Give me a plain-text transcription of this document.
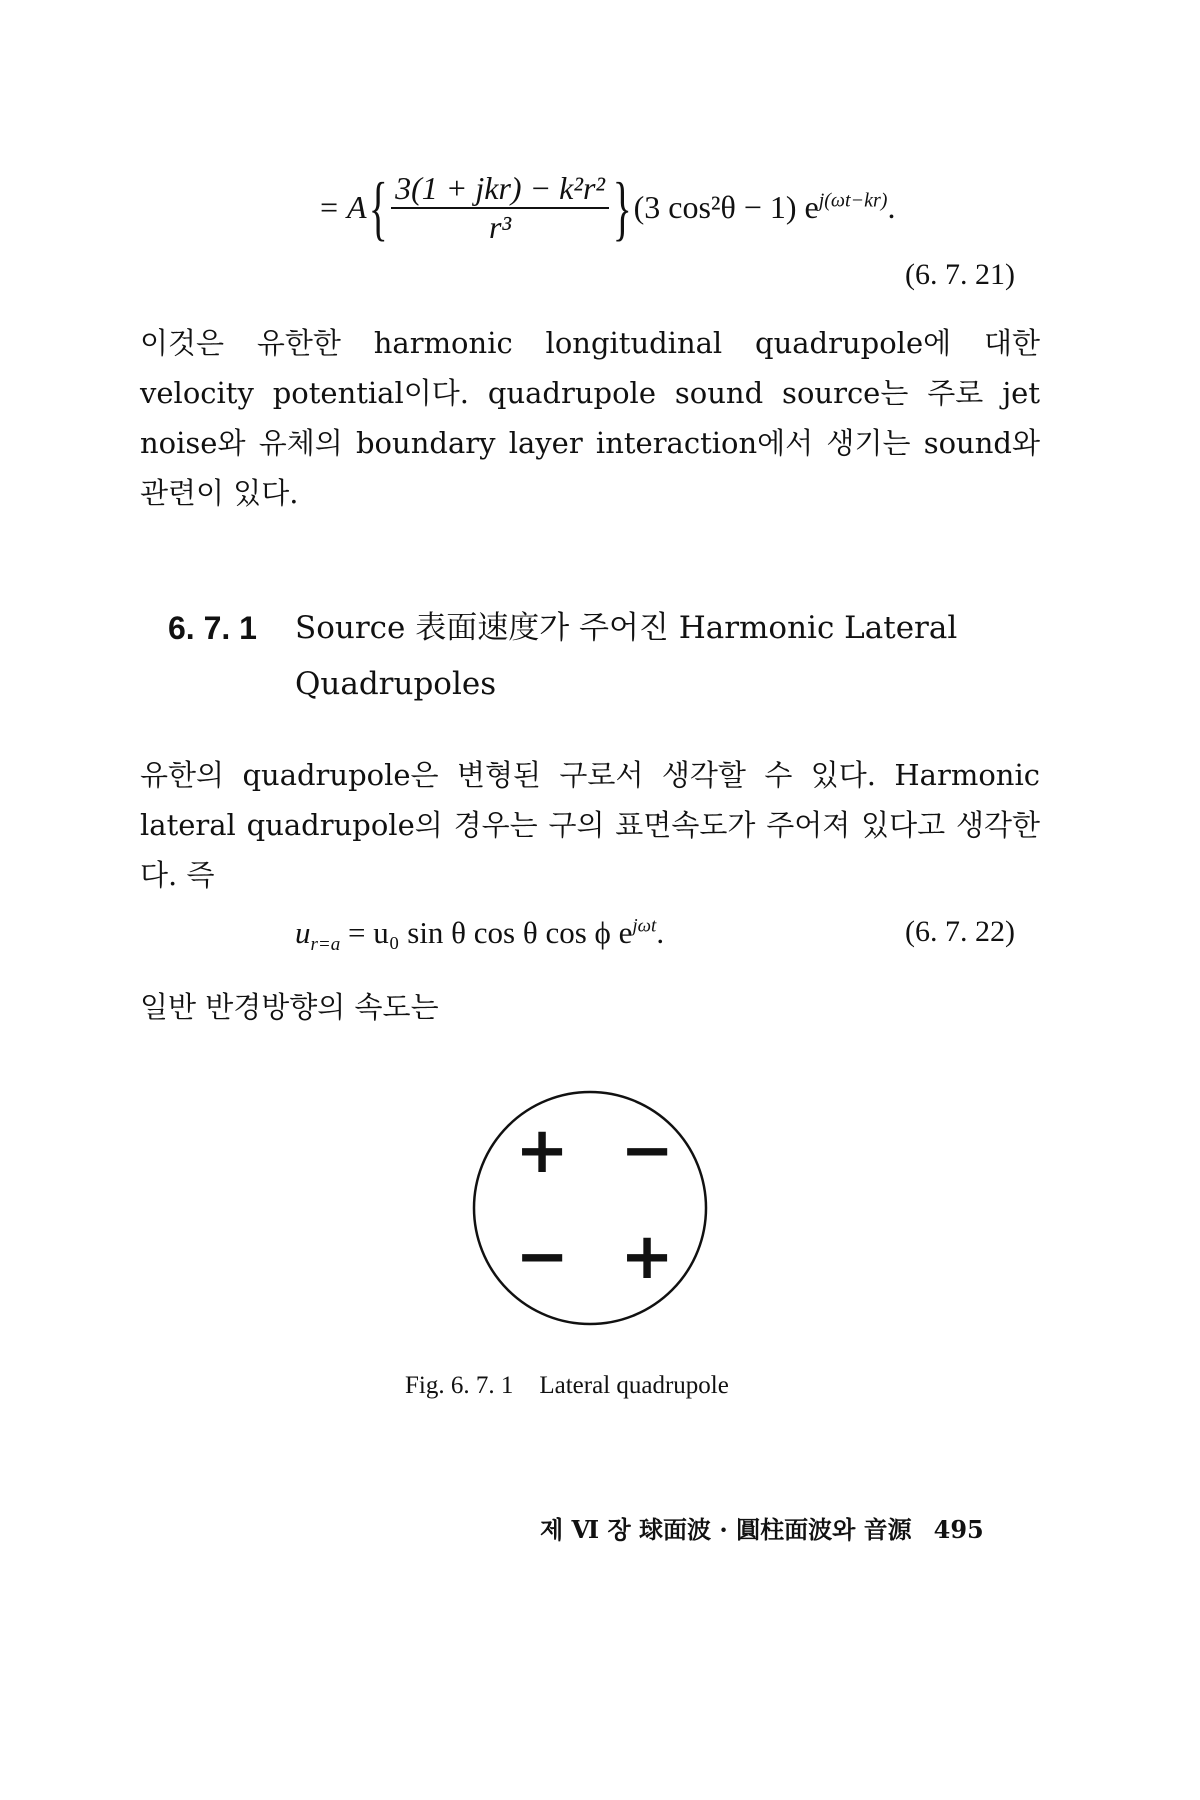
= A { $\frac{\text{3(1 + jkr) − k²r²}}{\text{r³}}$ } (3 cos²θ − 1) $e^{j(\omega t-kr)}$.
(6. 7. 21)
이것은 유한한 harmonic longitudinal quadrupole에 대한 velocity potential이다. quadrupole sound source는 주로 jet noise와 유체의 boundary layer interaction에서 생기는 sound와 관련이 있다.
6. 7. 1 Source 表面速度가 주어진 Harmonic Lateral Quadrupoles
유한의 quadrupole은 변형된 구로서 생각할 수 있다. Harmonic lateral quadrupole의 경우는 구의 표면속도가 주어져 있다고 생각한다. 즉
$u_{r=a} = u_0$ sin θ cos θ cos ϕ $e^{j\omega t}$.	(6. 7. 22)
일반 반경방향의 속도는
+ −
− +
Fig. 6. 7. 1 Lateral quadrupole
제 Ⅵ 장 球面波 · 圓柱面波와 音源 495
